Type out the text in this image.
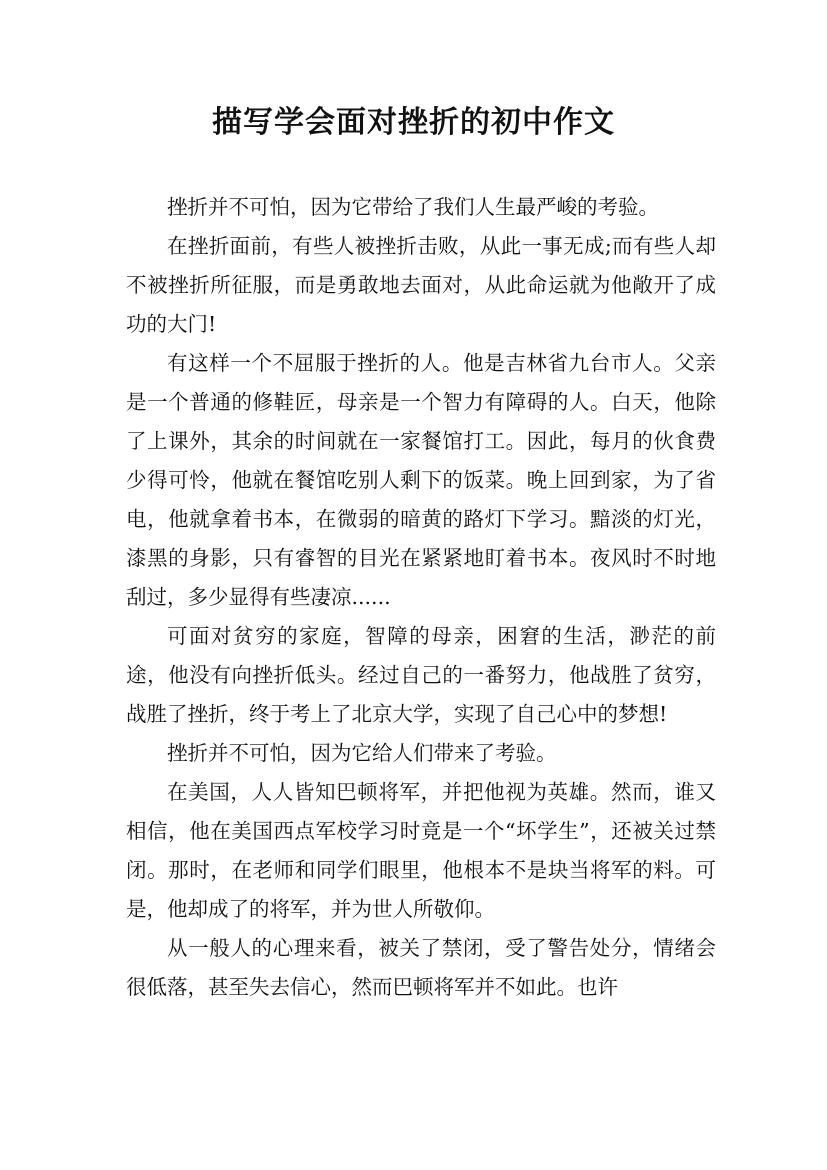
描写学会面对挫折的初中作文

挫折并不可怕，因为它带给了我们人生最严峻的考验。

在挫折面前，有些人被挫折击败，从此一事无成;而有些人却不被挫折所征服，而是勇敢地去面对，从此命运就为他敞开了成功的大门!

有这样一个不屈服于挫折的人。他是吉林省九台市人。父亲是一个普通的修鞋匠，母亲是一个智力有障碍的人。白天，他除了上课外，其余的时间就在一家餐馆打工。因此，每月的伙食费少得可怜，他就在餐馆吃别人剩下的饭菜。晚上回到家，为了省电，他就拿着书本，在微弱的暗黄的路灯下学习。黯淡的灯光，漆黑的身影，只有睿智的目光在紧紧地盯着书本。夜风时不时地刮过，多少显得有些凄凉......

可面对贫穷的家庭，智障的母亲，困窘的生活，渺茫的前途，他没有向挫折低头。经过自己的一番努力，他战胜了贫穷，战胜了挫折，终于考上了北京大学，实现了自己心中的梦想!

挫折并不可怕，因为它给人们带来了考验。

在美国，人人皆知巴顿将军，并把他视为英雄。然而，谁又相信，他在美国西点军校学习时竟是一个“坏学生”，还被关过禁闭。那时，在老师和同学们眼里，他根本不是块当将军的料。可是，他却成了的将军，并为世人所敬仰。

从一般人的心理来看，被关了禁闭，受了警告处分，情绪会很低落，甚至失去信心，然而巴顿将军并不如此。也许
